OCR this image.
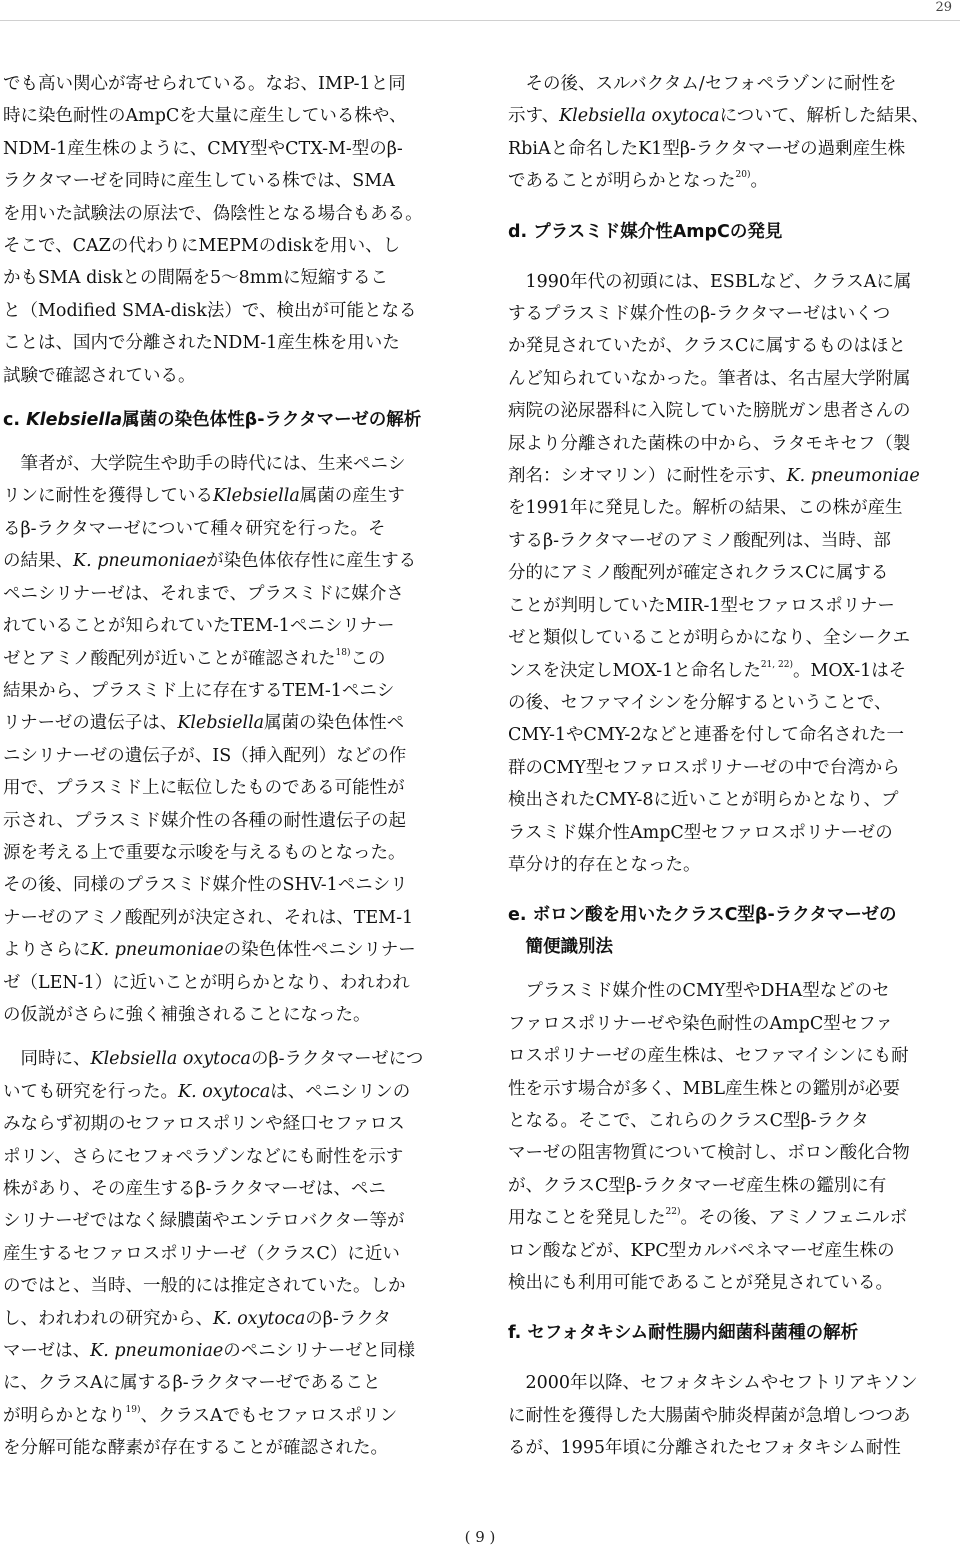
29

でも高い関心が寄せられている。なお、IMP-1と同

時に染色耐性のAmpCを大量に産生している株や、

NDM-1産生株のように、CMY型やCTX-M-型のβ-

ラクタマーゼを同時に産生している株では、SMA

を用いた試験法の原法で、偽陰性となる場合もある。

そこで、CAZの代わりにMEPMのdiskを用い、し

かもSMA diskとの間隔を5〜8mmに短縮するこ

と（Modified SMA-disk法）で、検出が可能となる

ことは、国内で分離されたNDM-1産生株を用いた

試験で確認されている。

c. Klebsiella属菌の染色体性β-ラクタマーゼの解析

　筆者が、大学院生や助手の時代には、生来ペニシ

リンに耐性を獲得しているKlebsiella属菌の産生す

るβ-ラクタマーゼについて種々研究を行った。そ

の結果、K. pneumoniaeが染色体依存性に産生する

ペニシリナーゼは、それまで、プラスミドに媒介さ

れていることが知られていたTEM-1ペニシリナー

ゼとアミノ酸配列が近いことが確認された$^{18)}$この

結果から、プラスミド上に存在するTEM-1ペニシ

リナーゼの遺伝子は、Klebsiella属菌の染色体性ペ

ニシリナーゼの遺伝子が、IS（挿入配列）などの作

用で、プラスミド上に転位したものである可能性が

示され、プラスミド媒介性の各種の耐性遺伝子の起

源を考える上で重要な示唆を与えるものとなった。

その後、同様のプラスミド媒介性のSHV-1ペニシリ

ナーゼのアミノ酸配列が決定され、それは、TEM-1

よりさらにK. pneumoniaeの染色体性ペニシリナー

ゼ（LEN-1）に近いことが明らかとなり、われわれ

の仮説がさらに強く補強されることになった。

　同時に、Klebsiella oxytocaのβ-ラクタマーゼにつ

いても研究を行った。K. oxytocaは、ペニシリンの

みならず初期のセファロスポリンや経口セファロス

ポリン、さらにセフォペラゾンなどにも耐性を示す

株があり、その産生するβ-ラクタマーゼは、ペニ

シリナーゼではなく緑膿菌やエンテロバクター等が

産生するセファロスポリナーゼ（クラスC）に近い

のではと、当時、一般的には推定されていた。しか

し、われわれの研究から、K. oxytocaのβ-ラクタ

マーゼは、K. pneumoniaeのペニシリナーゼと同様

に、クラスAに属するβ-ラクタマーゼであること

が明らかとなり$^{19)}$、クラスAでもセファロスポリン

を分解可能な酵素が存在することが確認された。

　その後、スルバクタム/セフォペラゾンに耐性を

示す、Klebsiella oxytocaについて、解析した結果、

RbiAと命名したK1型β-ラクタマーゼの過剰産生株

であることが明らかとなった$^{20)}$。

d. プラスミド媒介性AmpCの発見

　1990年代の初頭には、ESBLなど、クラスAに属

するプラスミド媒介性のβ-ラクタマーゼはいくつ

か発見されていたが、クラスCに属するものはほと

んど知られていなかった。筆者は、名古屋大学附属

病院の泌尿器科に入院していた膀胱ガン患者さんの

尿より分離された菌株の中から、ラタモキセフ（製

剤名：シオマリン）に耐性を示す、K. pneumoniae

を1991年に発見した。解析の結果、この株が産生

するβ-ラクタマーゼのアミノ酸配列は、当時、部

分的にアミノ酸配列が確定されクラスCに属する

ことが判明していたMIR-1型セファロスポリナー

ゼと類似していることが明らかになり、全シークエ

ンスを決定しMOX-1と命名した$^{21, 22)}$。MOX-1はそ

の後、セファマイシンを分解するということで、

CMY-1やCMY-2などと連番を付して命名された一

群のCMY型セファロスポリナーゼの中で台湾から

検出されたCMY-8に近いことが明らかとなり、プ

ラスミド媒介性AmpC型セファロスポリナーゼの

草分け的存在となった。

e. ボロン酸を用いたクラスC型β-ラクタマーゼの

　簡便識別法

　プラスミド媒介性のCMY型やDHA型などのセ

ファロスポリナーゼや染色耐性のAmpC型セファ

ロスポリナーゼの産生株は、セファマイシンにも耐

性を示す場合が多く、MBL産生株との鑑別が必要

となる。そこで、これらのクラスC型β-ラクタ

マーゼの阻害物質について検討し、ボロン酸化合物

が、クラスC型β-ラクタマーゼ産生株の鑑別に有

用なことを発見した$^{22)}$。その後、アミノフェニルボ

ロン酸などが、KPC型カルバペネマーゼ産生株の

検出にも利用可能であることが発見されている。

f. セフォタキシム耐性腸内細菌科菌種の解析

　2000年以降、セフォタキシムやセフトリアキソン

に耐性を獲得した大腸菌や肺炎桿菌が急増しつつあ

るが、1995年頃に分離されたセフォタキシム耐性

( 9 )
